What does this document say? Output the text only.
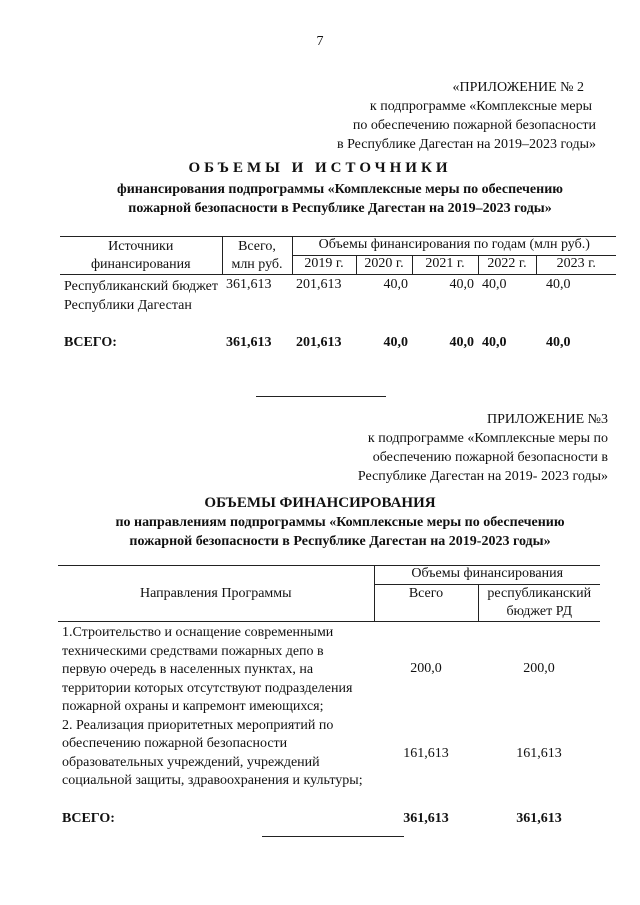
7
«ПРИЛОЖЕНИЕ № 2
к подпрограмме «Комплексные меры
по обеспечению пожарной безопасности
в Республике Дагестан на 2019–2023 годы»
ОБЪЕМЫ И ИСТОЧНИКИ
финансирования подпрограммы «Комплексные меры по обеспечению
пожарной безопасности в Республике Дагестан на 2019–2023 годы»
Источники финансирования	Всего, млн руб.	Объемы финансирования по годам (млн руб.)				
		2019 г.	2020 г.	2021 г.	2022 г.	2023 г.
Республиканский бюджет Республики Дагестан	361,613	201,613	40,0	40,0	40,0	40,0
ВСЕГО:	361,613	201,613	40,0	40,0	40,0	40,0
ПРИЛОЖЕНИЕ №3
к подпрограмме «Комплексные меры по
обеспечению пожарной безопасности в
Республике Дагестан на 2019- 2023 годы»
ОБЪЕМЫ ФИНАНСИРОВАНИЯ
по направлениям подпрограммы «Комплексные меры по обеспечению
пожарной безопасности в Республике Дагестан на 2019-2023 годы»
Направления Программы	Объемы финансирования	
	Всего	республиканский бюджет РД
1.Строительство и оснащение современными техническими средствами пожарных депо в первую очередь в населенных пунктах, на территории которых отсутствуют подразделения пожарной охраны и капремонт имеющихся;	200,0	200,0
2. Реализация приоритетных мероприятий по обеспечению пожарной безопасности образовательных учреждений, учреждений социальной защиты, здравоохранения и культуры;	161,613	161,613
ВСЕГО:	361,613	361,613
